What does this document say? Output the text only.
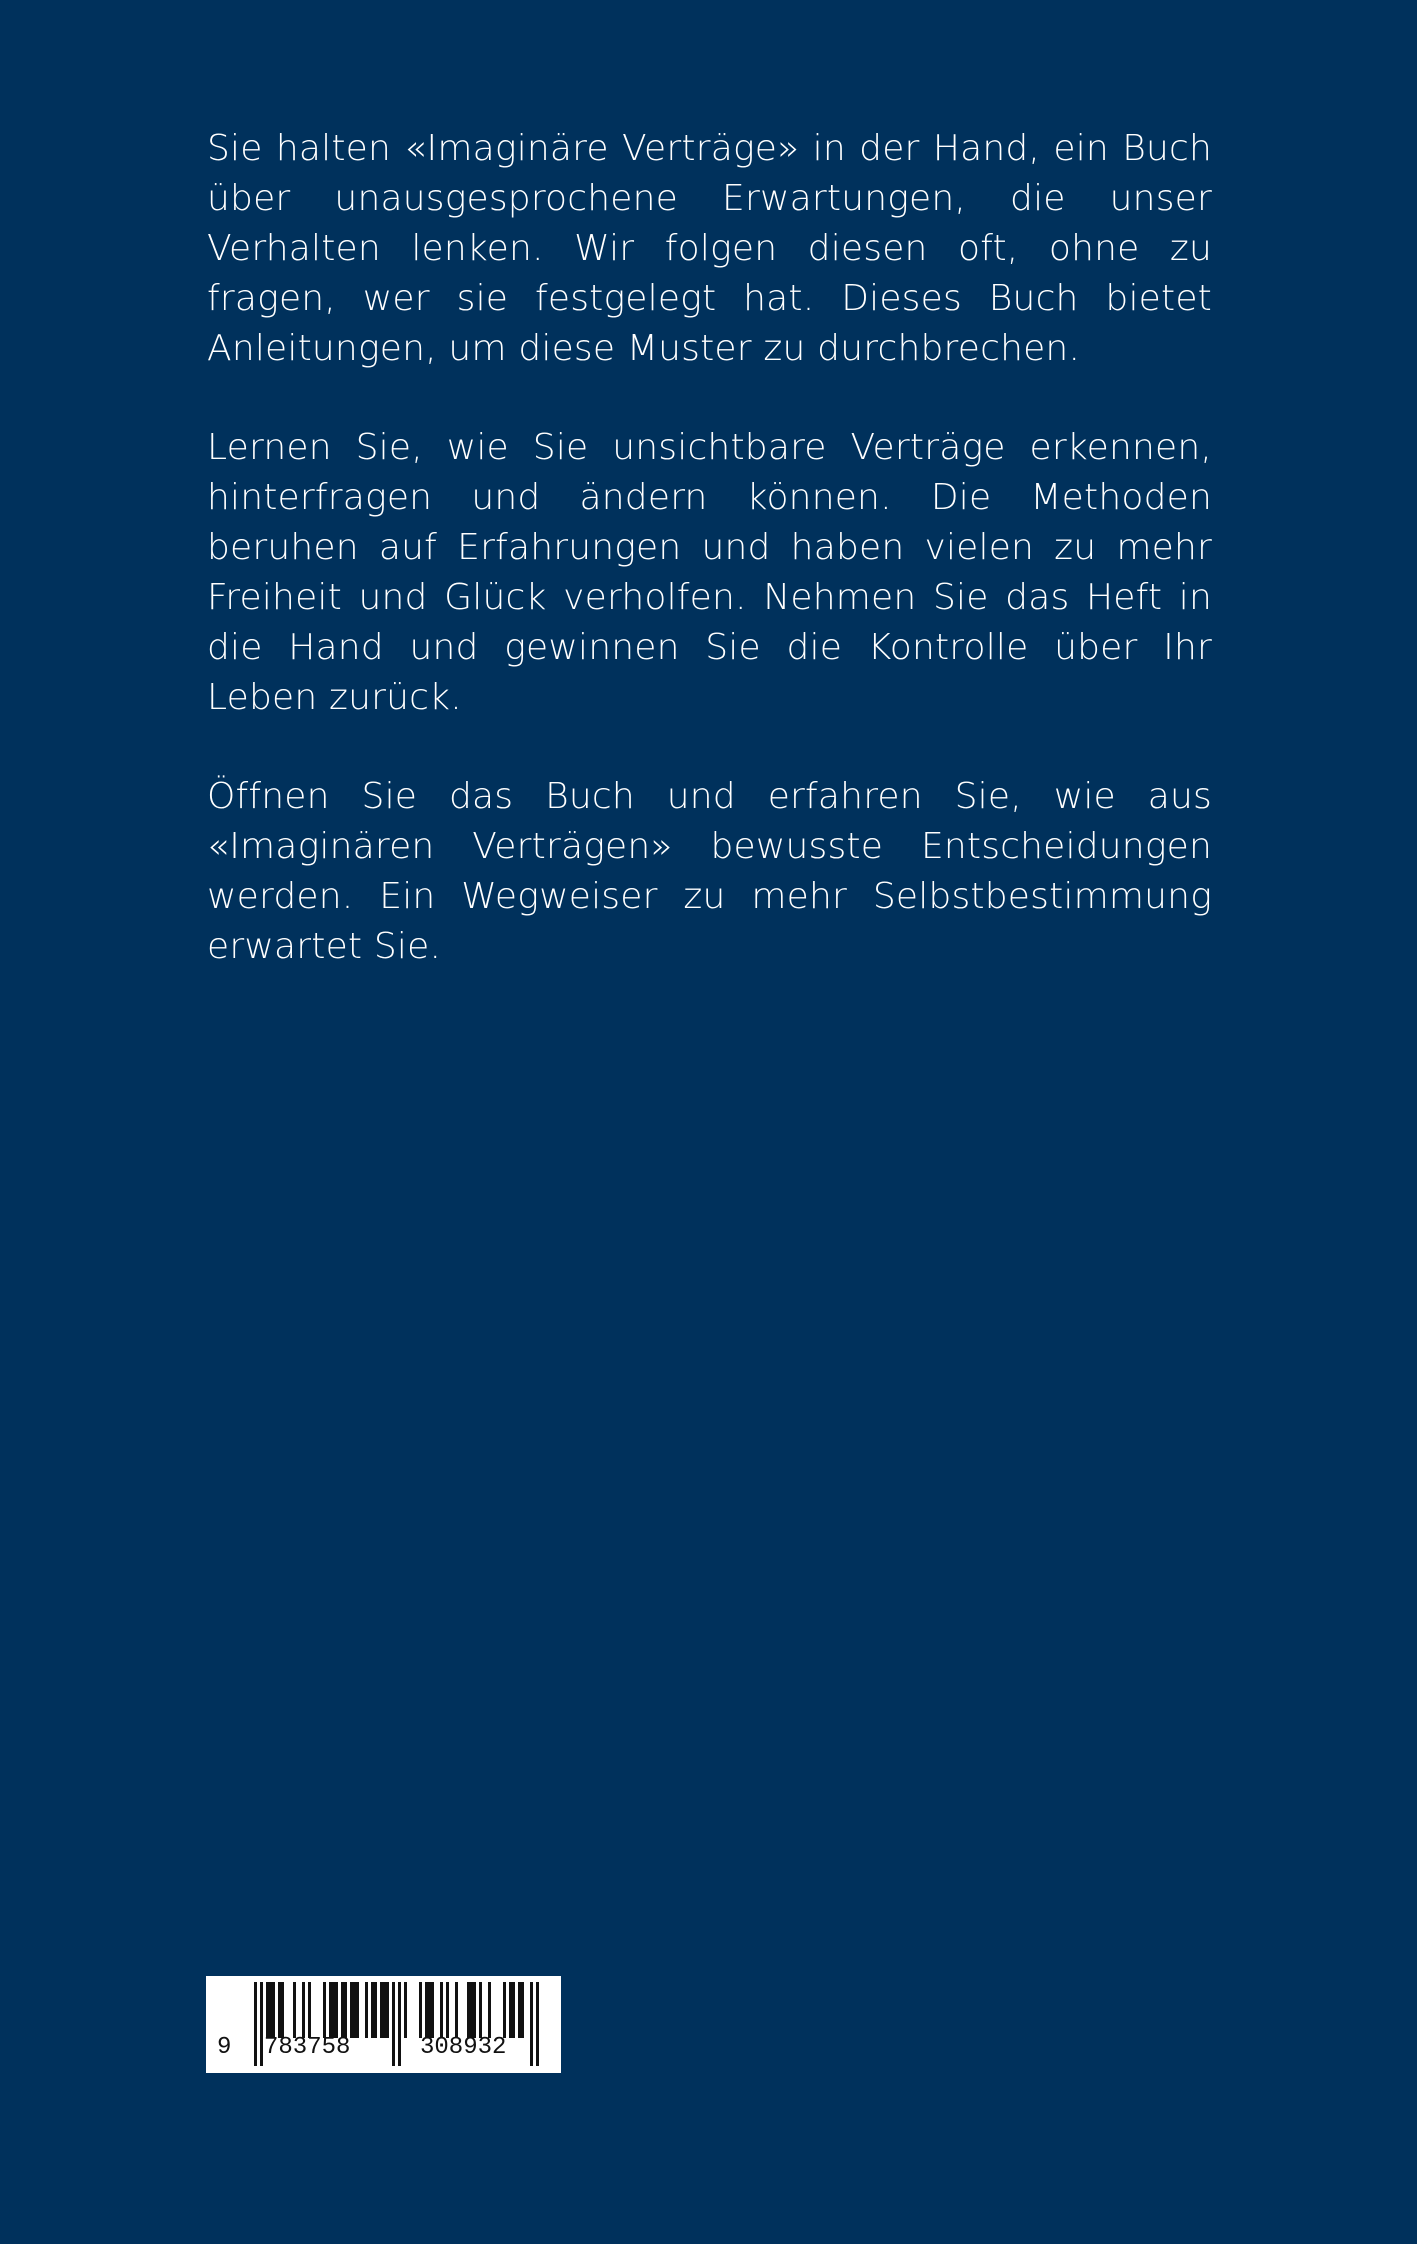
Sie halten «Imaginäre Verträge» in der Hand, ein Buch über unausgesprochene Erwartungen, die unser Verhalten lenken. Wir folgen diesen oft, ohne zu fragen, wer sie festgelegt hat. Dieses Buch bietet Anleitungen, um diese Muster zu durchbrechen.

Lernen Sie, wie Sie unsichtbare Verträge erkennen, hinterfragen und ändern können. Die Methoden beruhen auf Erfahrungen und haben vielen zu mehr Freiheit und Glück verholfen. Nehmen Sie das Heft in die Hand und gewinnen Sie die Kontrolle über Ihr Leben zurück.

Öffnen Sie das Buch und erfahren Sie, wie aus «Imaginären Verträgen» bewusste Entscheidungen werden. Ein Wegweiser zu mehr Selbstbestimmung erwartet Sie.

9 783758	308932
